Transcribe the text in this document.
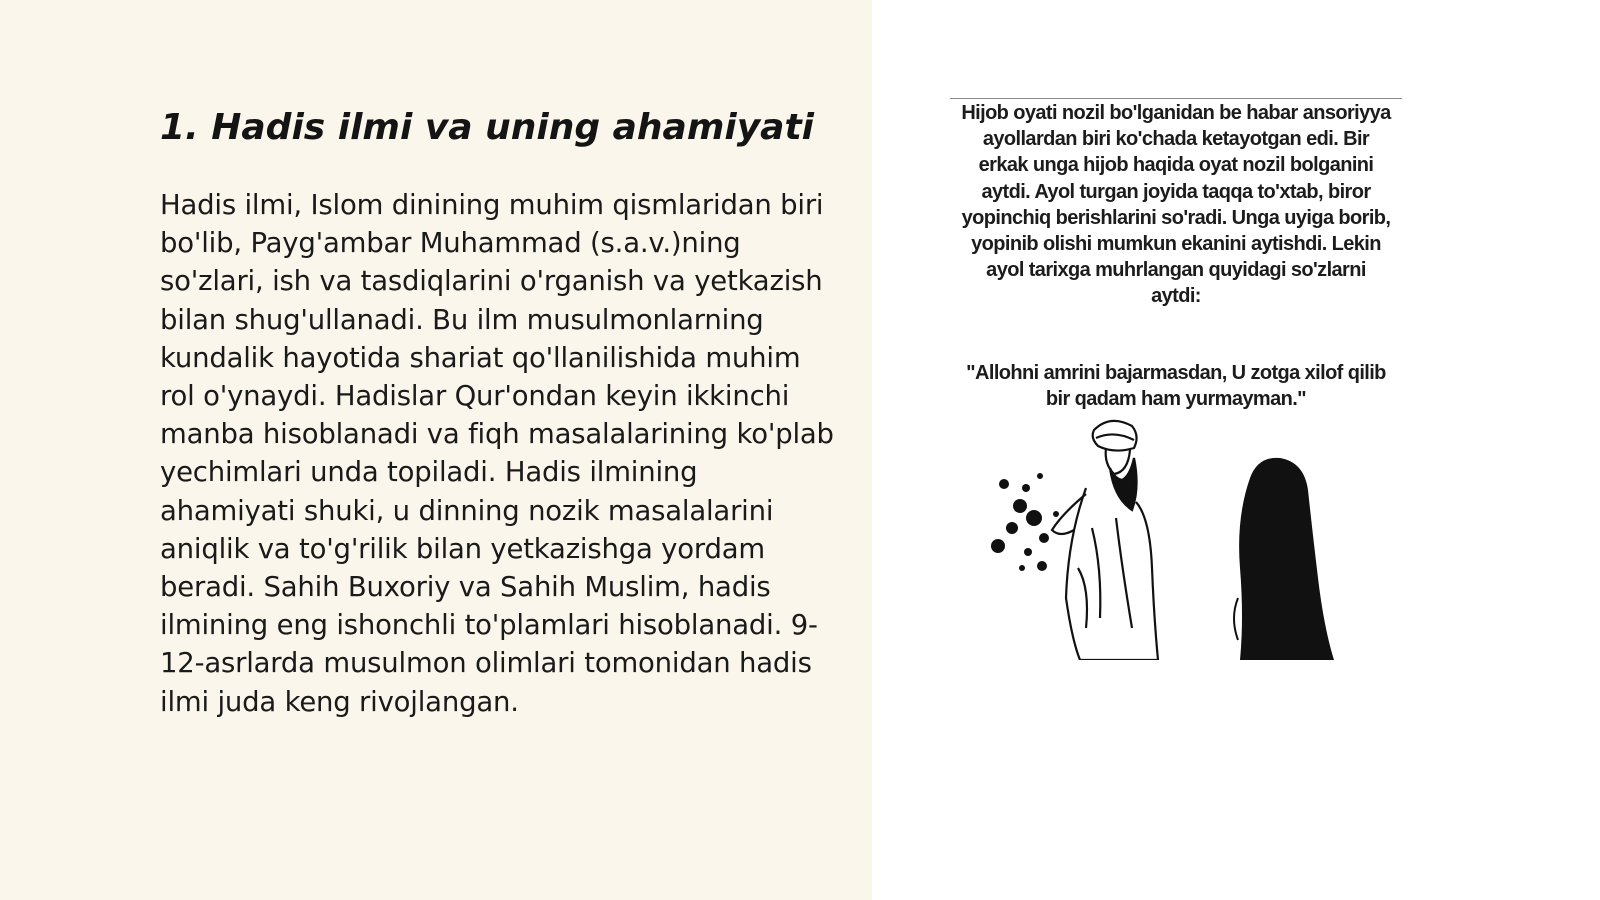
1. Hadis ilmi va uning ahamiyati

Hadis ilmi, Islom dinining muhim qismlaridan biri bo'lib, Payg'ambar Muhammad (s.a.v.)ning so'zlari, ish va tasdiqlarini o'rganish va yetkazish bilan shug'ullanadi. Bu ilm musulmonlarning kundalik hayotida shariat qo'llanilishida muhim rol o'ynaydi. Hadislar Qur'ondan keyin ikkinchi manba hisoblanadi va fiqh masalalarining ko'plab yechimlari unda topiladi. Hadis ilmining ahamiyati shuki, u dinning nozik masalalarini aniqlik va to'g'rilik bilan yetkazishga yordam beradi. Sahih Buxoriy va Sahih Muslim, hadis ilmining eng ishonchli to'plamlari hisoblanadi. 9-12-asrlarda musulmon olimlari tomonidan hadis ilmi juda keng rivojlangan.

Hijob oyati nozil bo'lganidan be habar ansoriyya ayollardan biri ko'chada ketayotgan edi. Bir erkak unga hijob haqida oyat nozil bolganini aytdi. Ayol turgan joyida taqqa to'xtab, biror yopinchiq berishlarini so'radi. Unga uyiga borib, yopinib olishi mumkun ekanini aytishdi. Lekin ayol tarixga muhrlangan quyidagi so'zlarni aytdi:

"Allohni amrini bajarmasdan, U zotga xilof qilib bir qadam ham yurmayman."
